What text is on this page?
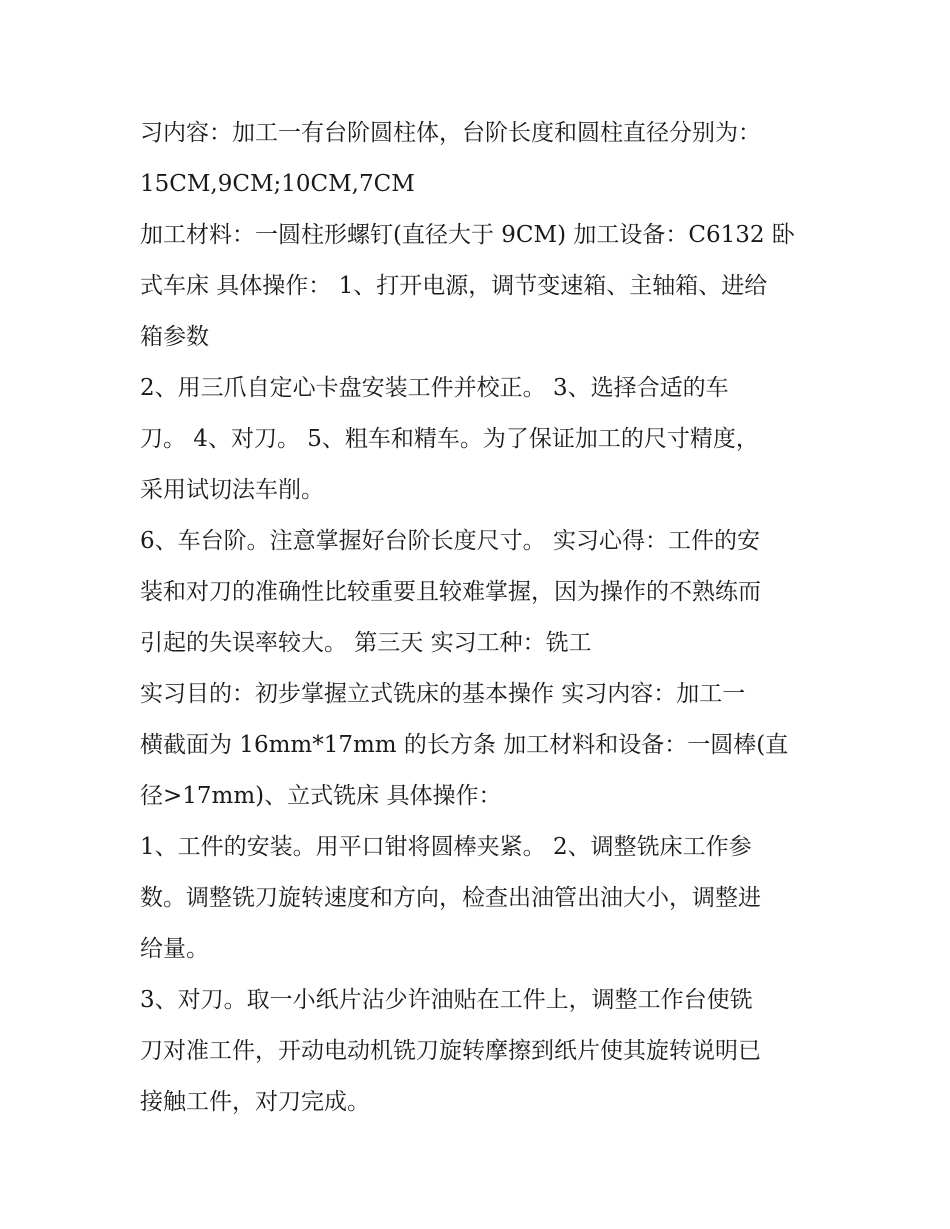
习内容：加工一有台阶圆柱体，台阶长度和圆柱直径分别为：
15CM,9CM;10CM,7CM
加工材料：一圆柱形螺钉(直径大于 9CM) 加工设备：C6132 卧
式车床 具体操作： 1、打开电源，调节变速箱、主轴箱、进给
箱参数
2、用三爪自定心卡盘安装工件并校正。 3、选择合适的车
刀。 4、对刀。 5、粗车和精车。为了保证加工的尺寸精度，
采用试切法车削。
6、车台阶。注意掌握好台阶长度尺寸。 实习心得：工件的安
装和对刀的准确性比较重要且较难掌握，因为操作的不熟练而
引起的失误率较大。 第三天 实习工种：铣工
实习目的：初步掌握立式铣床的基本操作 实习内容：加工一
横截面为 16mm*17mm 的长方条 加工材料和设备：一圆棒(直
径>17mm)、立式铣床 具体操作：
1、工件的安装。用平口钳将圆棒夹紧。 2、调整铣床工作参
数。调整铣刀旋转速度和方向，检查出油管出油大小，调整进
给量。
3、对刀。取一小纸片沾少许油贴在工件上，调整工作台使铣
刀对准工件，开动电动机铣刀旋转摩擦到纸片使其旋转说明已
接触工件，对刀完成。
